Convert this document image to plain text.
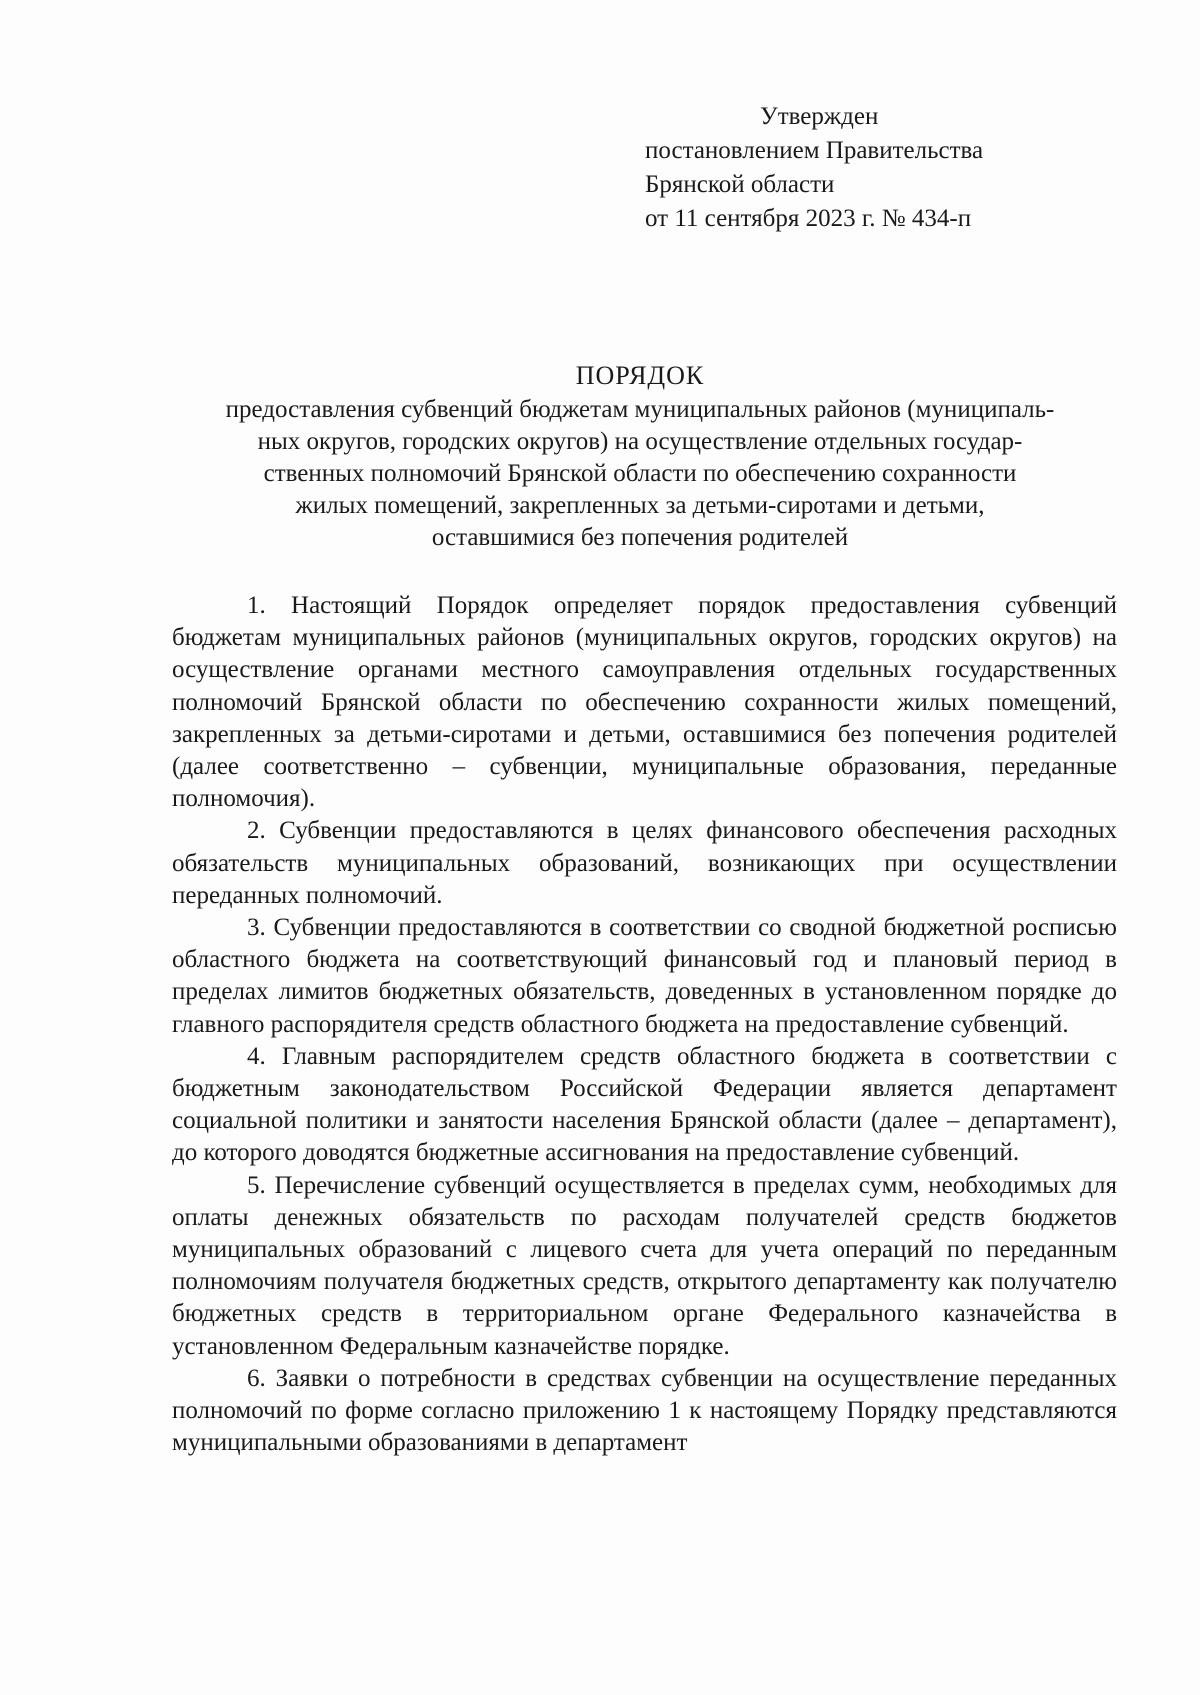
Утвержден
постановлением Правительства
Брянской области
от 11 сентября 2023 г. № 434-п
ПОРЯДОК
предоставления субвенций бюджетам муниципальных районов (муниципаль-
ных округов, городских округов) на осуществление отдельных государ-
ственных полномочий Брянской области по обеспечению сохранности
жилых помещений, закрепленных за детьми-сиротами и детьми,
оставшимися без попечения родителей

1. Настоящий Порядок определяет порядок предоставления субвенций бюджетам муниципальных районов (муниципальных округов, городских округов) на осуществление органами местного самоуправления отдельных государственных полномочий Брянской области по обеспечению сохранности жилых помещений, закрепленных за детьми-сиротами и детьми, оставшимися без попечения родителей (далее соответственно – субвенции, муниципальные образования, переданные полномочия).

2. Субвенции предоставляются в целях финансового обеспечения расходных обязательств муниципальных образований, возникающих при осуществлении переданных полномочий.

3. Субвенции предоставляются в соответствии со сводной бюджетной росписью областного бюджета на соответствующий финансовый год и плановый период в пределах лимитов бюджетных обязательств, доведенных в установленном порядке до главного распорядителя средств областного бюджета на предоставление субвенций.

4. Главным распорядителем средств областного бюджета в соответствии с бюджетным законодательством Российской Федерации является департамент социальной политики и занятости населения Брянской области (далее – департамент), до которого доводятся бюджетные ассигнования на предоставление субвенций.

5. Перечисление субвенций осуществляется в пределах сумм, необходимых для оплаты денежных обязательств по расходам получателей средств бюджетов муниципальных образований с лицевого счета для учета операций по переданным полномочиям получателя бюджетных средств, открытого департаменту как получателю бюджетных средств в территориальном органе Федерального казначейства в установленном Федеральным казначействе порядке.

6. Заявки о потребности в средствах субвенции на осуществление переданных полномочий по форме согласно приложению 1 к настоящему Порядку представляются муниципальными образованиями в департамент
